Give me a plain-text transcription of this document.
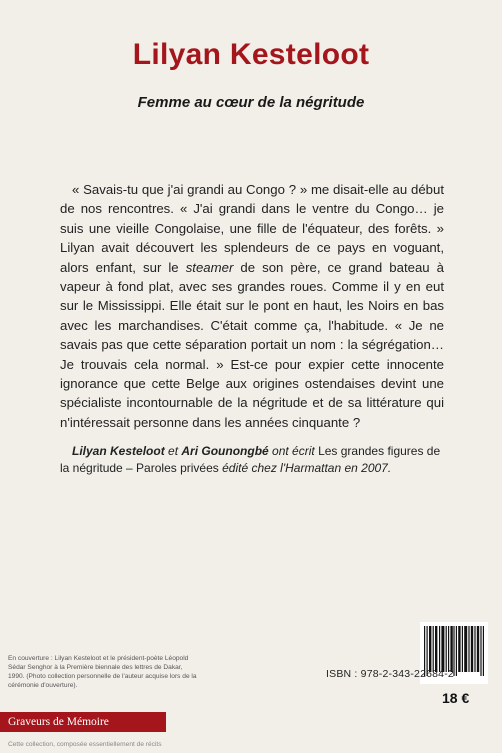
Lilyan Kesteloot
Femme au cœur de la négritude
« Savais-tu que j'ai grandi au Congo ? » me disait-elle au début de nos rencontres. « J'ai grandi dans le ventre du Congo… je suis une vieille Congolaise, une fille de l'équateur, des forêts. » Lilyan avait découvert les splendeurs de ce pays en voguant, alors enfant, sur le steamer de son père, ce grand bateau à vapeur à fond plat, avec ses grandes roues. Comme il y en eut sur le Mississippi. Elle était sur le pont en haut, les Noirs en bas avec les marchandises. C'était comme ça, l'habitude. « Je ne savais pas que cette séparation portait un nom : la ségrégation… Je trouvais cela normal. » Est-ce pour expier cette innocente ignorance que cette Belge aux origines ostendaises devint une spécialiste incontournable de la négritude et de sa littérature qui n'intéressait personne dans les années cinquante ?
Lilyan Kesteloot et Ari Gounongbé ont écrit Les grandes figures de la négritude – Paroles privées édité chez l'Harmattan en 2007.
En couverture : Lilyan Kesteloot et le président-poète Léopold Sédar Senghor à la Première biennale des lettres de Dakar, 1990. (Photo collection personnelle de l'auteur acquise lors de la cérémonie d'ouverture).
ISBN : 978-2-343-22684-2
18 €
Graveurs de Mémoire
Cette collection, composée essentiellement de récits
